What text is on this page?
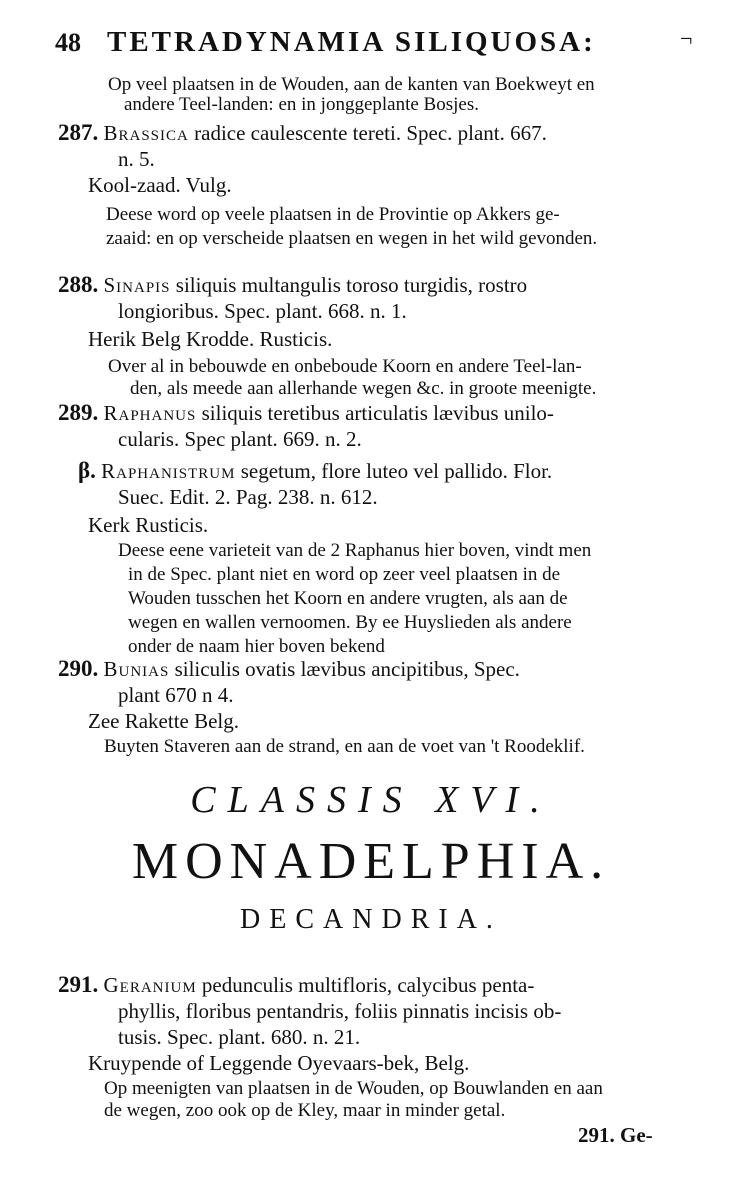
48 TETRADYNAMIA SILIQUOSA:	¬
Op veel plaatsen in de Wouden, aan de kanten van Boekweyt en
andere Teel-landen: en in jonggeplante Bosjes.
287. Brassica radice caulescente tereti. Spec. plant. 667.
n. 5.
Kool-zaad. Vulg.
Deese word op veele plaatsen in de Provintie op Akkers ge-
zaaid: en op verscheide plaatsen en wegen in het wild gevonden.
288. Sinapis siliquis multangulis toroso turgidis, rostro
longioribus. Spec. plant. 668. n. 1.
Herik Belg Krodde. Rusticis.
Over al in bebouwde en onbeboude Koorn en andere Teel-lan-
den, als meede aan allerhande wegen &c. in groote meenigte.
289. Raphanus siliquis teretibus articulatis lævibus unilo-
cularis. Spec plant. 669. n. 2.
β. Raphanistrum segetum, flore luteo vel pallido. Flor.
Suec. Edit. 2. Pag. 238. n. 612.
Kerk Rusticis.
Deese eene varieteit van de 2 Raphanus hier boven, vindt men
in de Spec. plant niet en word op zeer veel plaatsen in de
Wouden tusschen het Koorn en andere vrugten, als aan de
wegen en wallen vernoomen. By ee Huyslieden als andere
onder de naam hier boven bekend
290. Bunias siliculis ovatis lævibus ancipitibus, Spec.
plant 670 n 4.
Zee Rakette Belg.
Buyten Staveren aan de strand, en aan de voet van 't Roodeklif.
CLASSIS XVI.
MONADELPHIA.
DECANDRIA.
291. Geranium pedunculis multifloris, calycibus penta-
phyllis, floribus pentandris, foliis pinnatis incisis ob-
tusis. Spec. plant. 680. n. 21.
Kruypende of Leggende Oyevaars-bek, Belg.
Op meenigten van plaatsen in de Wouden, op Bouwlanden en aan
de wegen, zoo ook op de Kley, maar in minder getal.
291. Ge-
